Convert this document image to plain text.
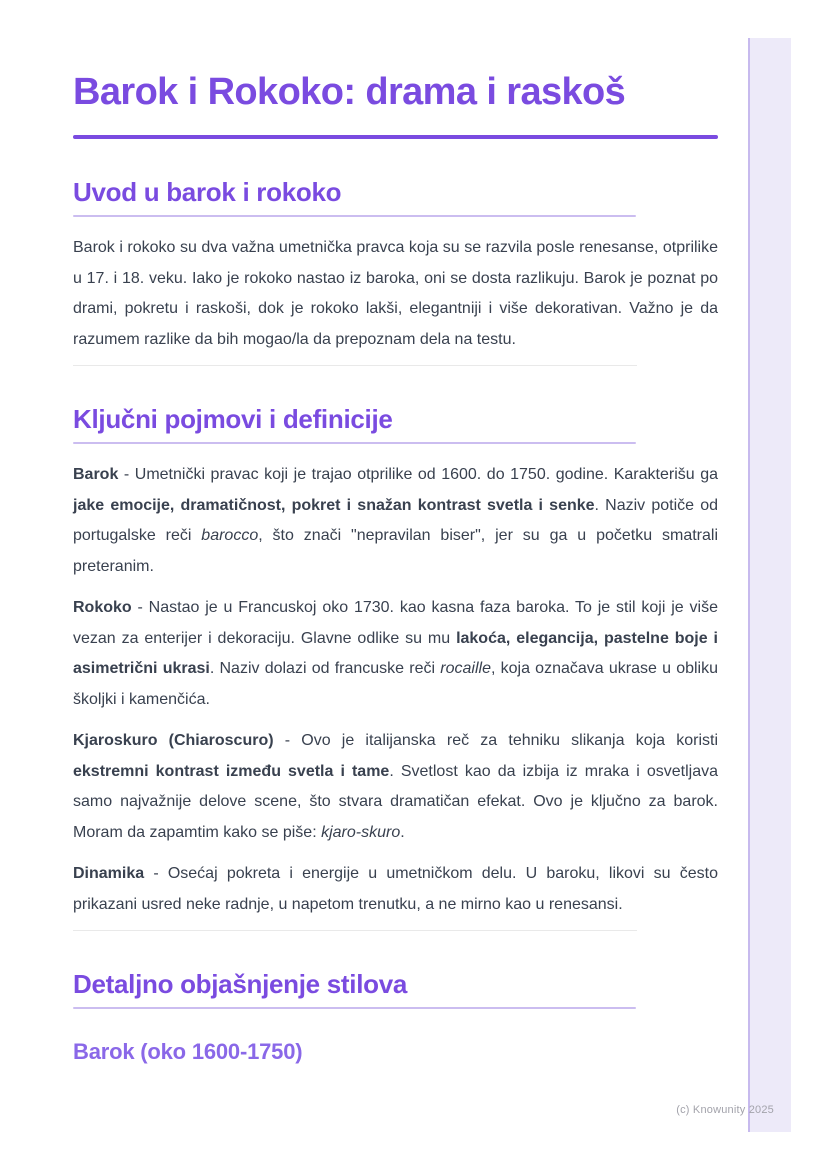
Barok i Rokoko: drama i raskoš
Uvod u barok i rokoko

Barok i rokoko su dva važna umetnička pravca koja su se razvila posle renesanse, otprilike u 17. i 18. veku. Iako je rokoko nastao iz baroka, oni se dosta razlikuju. Barok je poznat po drami, pokretu i raskoši, dok je rokoko lakši, elegantniji i više dekorativan. Važno je da razumem razlike da bih mogao/la da prepoznam dela na testu.

Ključni pojmovi i definicije

Barok - Umetnički pravac koji je trajao otprilike od 1600. do 1750. godine. Karakterišu ga jake emocije, dramatičnost, pokret i snažan kontrast svetla i senke. Naziv potiče od portugalske reči barocco, što znači "nepravilan biser", jer su ga u početku smatrali preteranim.

Rokoko - Nastao je u Francuskoj oko 1730. kao kasna faza baroka. To je stil koji je više vezan za enterijer i dekoraciju. Glavne odlike su mu lakoća, elegancija, pastelne boje i asimetrični ukrasi. Naziv dolazi od francuske reči rocaille, koja označava ukrase u obliku školjki i kamenčića.

Kjaroskuro (Chiaroscuro) - Ovo je italijanska reč za tehniku slikanja koja koristi ekstremni kontrast između svetla i tame. Svetlost kao da izbija iz mraka i osvetljava samo najvažnije delove scene, što stvara dramatičan efekat. Ovo je ključno za barok. Moram da zapamtim kako se piše: kjaro-skuro.

Dinamika - Osećaj pokreta i energije u umetničkom delu. U baroku, likovi su često prikazani usred neke radnje, u napetom trenutku, a ne mirno kao u renesansi.

Detaljno objašnjenje stilova
Barok (oko 1600-1750)
(c) Knowunity 2025
